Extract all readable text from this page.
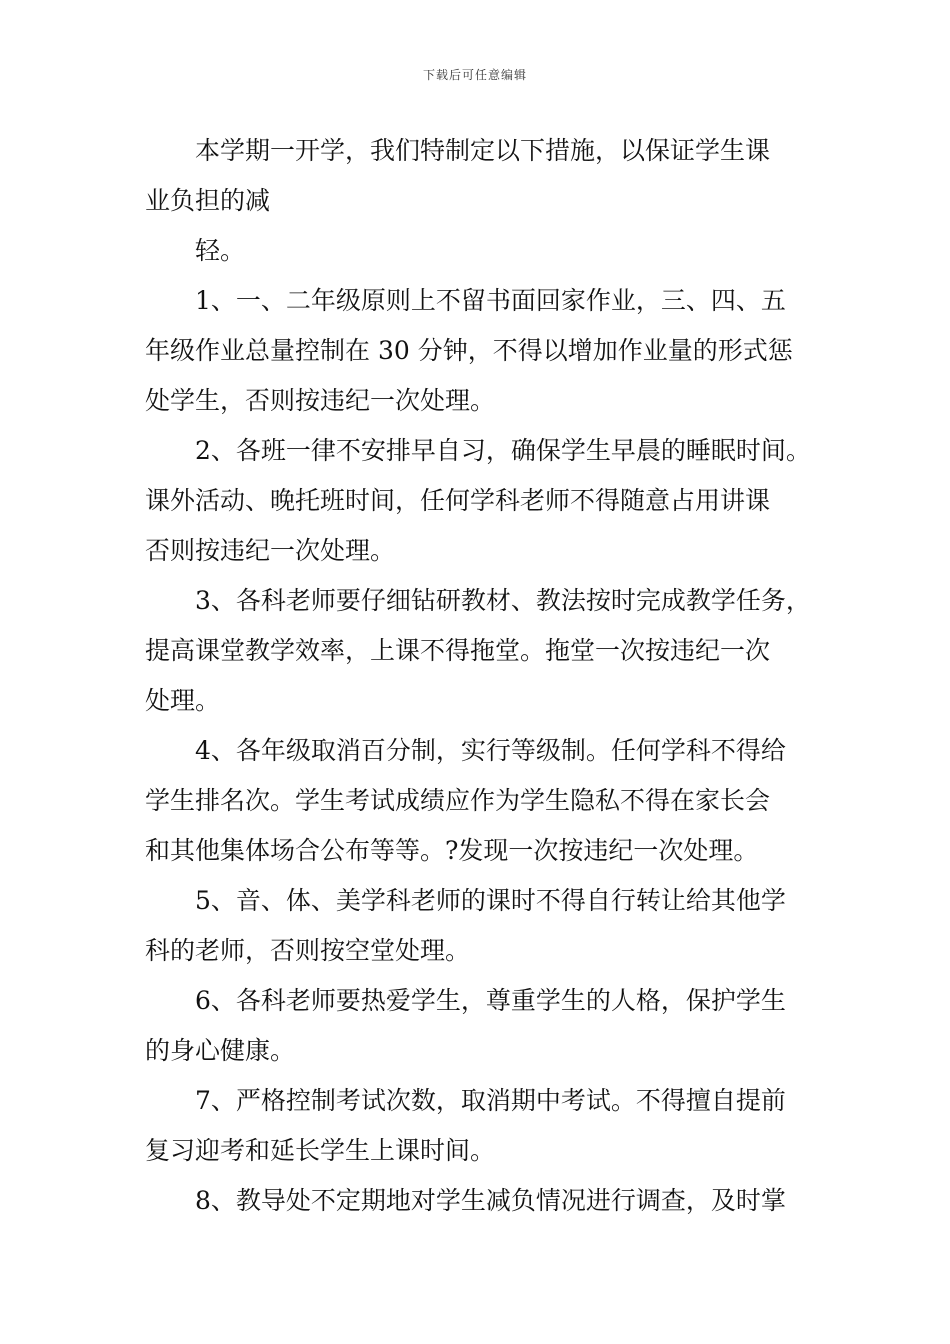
下载后可任意编辑
本学期一开学，我们特制定以下措施，以保证学生课
业负担的减
轻。
1、一、二年级原则上不留书面回家作业，三、四、五
年级作业总量控制在 30 分钟，不得以增加作业量的形式惩
处学生，否则按违纪一次处理。
2、各班一律不安排早自习，确保学生早晨的睡眠时间。
课外活动、晚托班时间，任何学科老师不得随意占用讲课
否则按违纪一次处理。
3、各科老师要仔细钻研教材、教法按时完成教学任务，
提高课堂教学效率，上课不得拖堂。拖堂一次按违纪一次
处理。
4、各年级取消百分制，实行等级制。任何学科不得给
学生排名次。学生考试成绩应作为学生隐私不得在家长会
和其他集体场合公布等等。?发现一次按违纪一次处理。
5、音、体、美学科老师的课时不得自行转让给其他学
科的老师，否则按空堂处理。
6、各科老师要热爱学生，尊重学生的人格，保护学生
的身心健康。
7、严格控制考试次数，取消期中考试。不得擅自提前
复习迎考和延长学生上课时间。
8、教导处不定期地对学生减负情况进行调查，及时掌
